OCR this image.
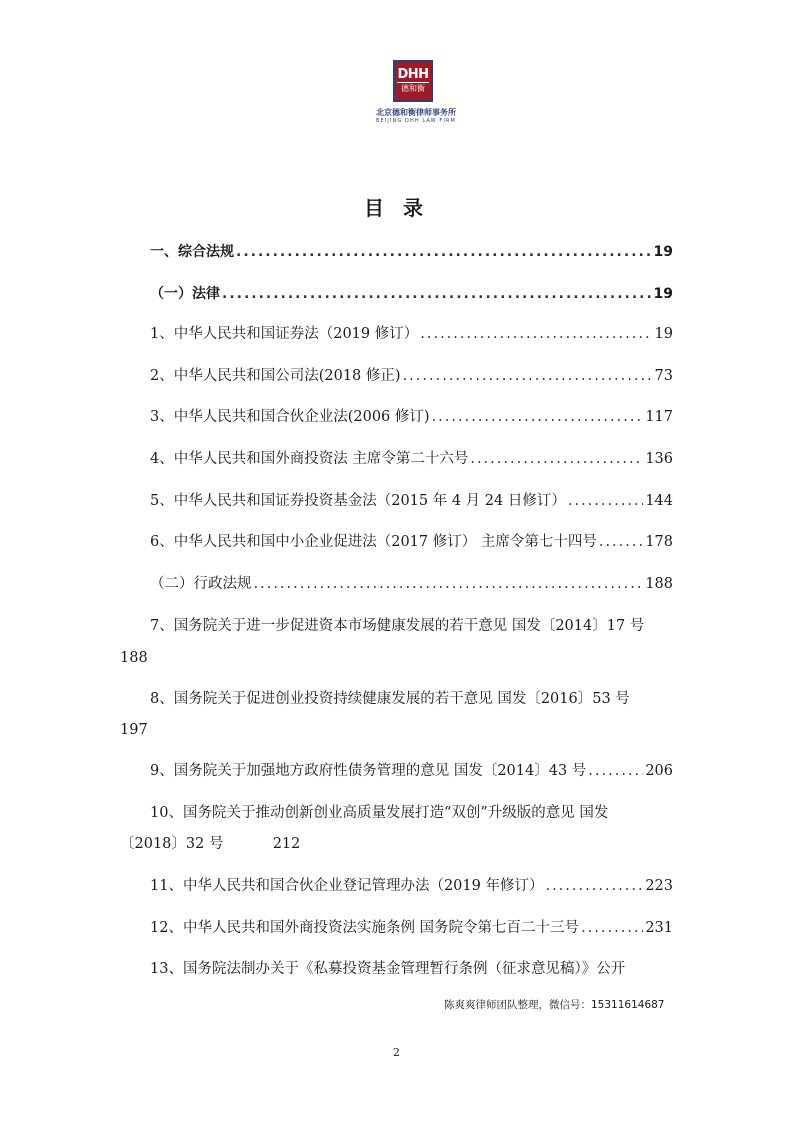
DHH
德和衡
北京德和衡律师事务所
BEIJING DHH LAW FIRM
目 录
一、综合法规 .....	19
（一）法律 .....	19
1、中华人民共和国证券法（2019 修订） .....	19
2、中华人民共和国公司法(2018 修正) .....	73
3、中华人民共和国合伙企业法(2006 修订) .....	117
4、中华人民共和国外商投资法 主席令第二十六号 .....	136
5、中华人民共和国证券投资基金法（2015 年 4 月 24 日修订） .....	144
6、中华人民共和国中小企业促进法（2017 修订） 主席令第七十四号 .....	178
（二）行政法规 .....	188
7、国务院关于进一步促进资本市场健康发展的若干意见 国发〔2014〕17 号
188
8、国务院关于促进创业投资持续健康发展的若干意见 国发〔2016〕53 号
197
9、国务院关于加强地方政府性债务管理的意见 国发〔2014〕43 号 .....	206
10、国务院关于推动创新创业高质量发展打造“双创”升级版的意见 国发
〔2018〕32 号	212
11、中华人民共和国合伙企业登记管理办法（2019 年修订） .....	223
12、中华人民共和国外商投资法实施条例 国务院令第七百二十三号 .....	231
13、国务院法制办关于《私募投资基金管理暂行条例（征求意见稿）》公开
陈爽爽律师团队整理，微信号：15311614687
2
